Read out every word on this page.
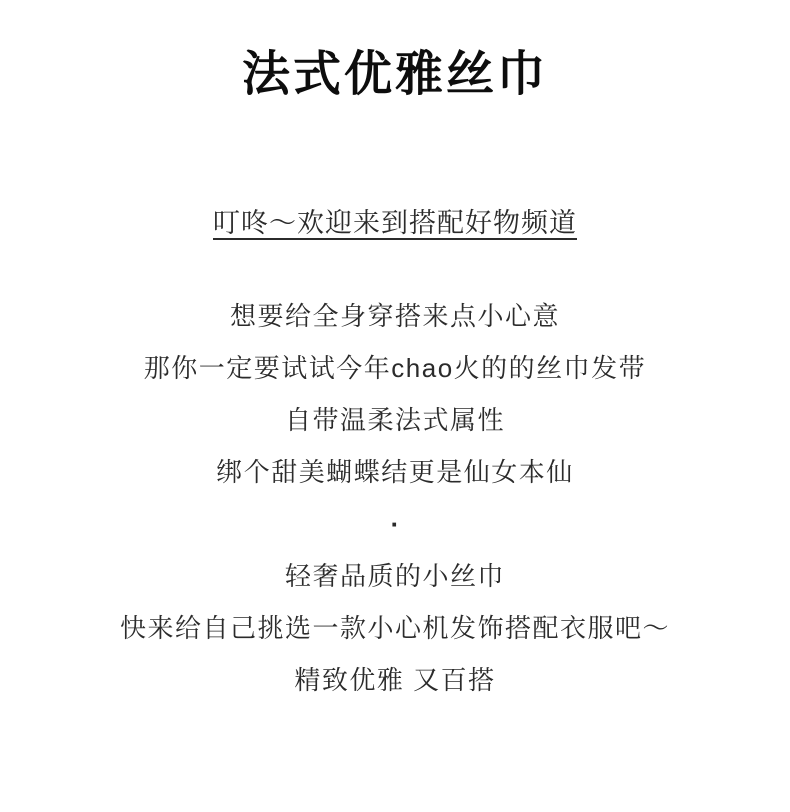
法式优雅丝巾
叮咚～欢迎来到搭配好物频道

想要给全身穿搭来点小心意

那你一定要试试今年chao火的的丝巾发带

自带温柔法式属性

绑个甜美蝴蝶结更是仙女本仙

·

轻奢品质的小丝巾

快来给自己挑选一款小心机发饰搭配衣服吧～

精致优雅 又百搭
